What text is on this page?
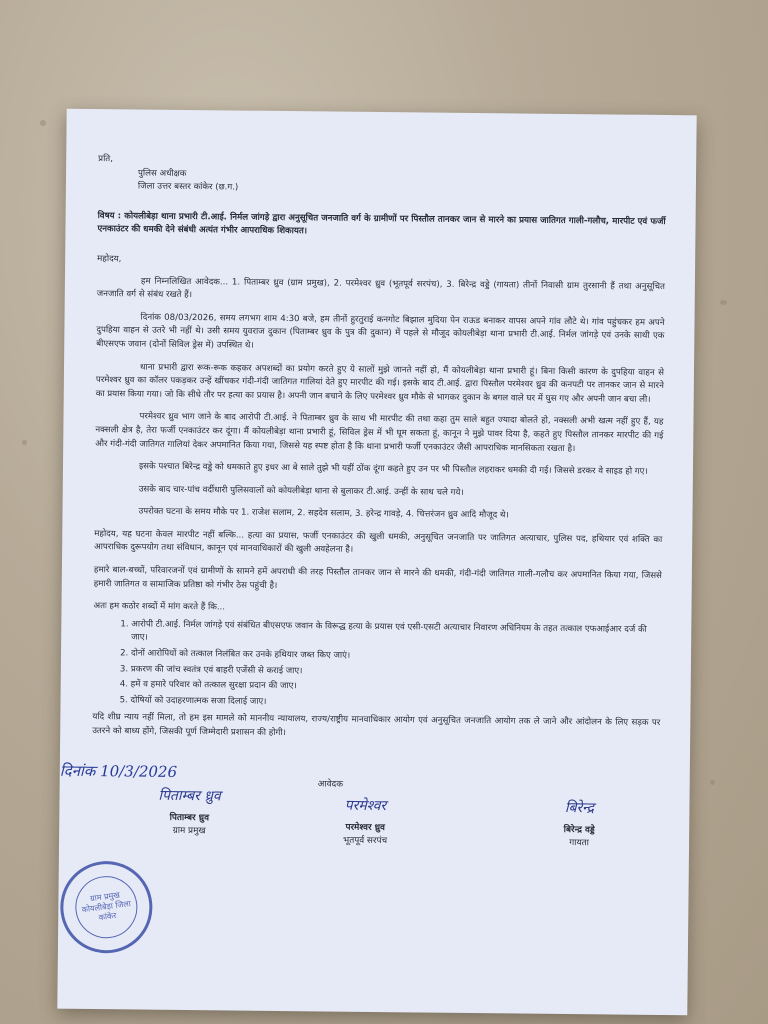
प्रति,

पुलिस अधीक्षक

जिला उत्तर बस्तर कांकेर (छ.ग.)

विषय : कोयलीबेड़ा थाना प्रभारी टी.आई. निर्मल जांगड़े द्वारा अनुसूचित जनजाति वर्ग के ग्रामीणों पर पिस्तौल तानकर जान से मारने का प्रयास जातिगत गाली-गलौच, मारपीट एवं फर्जी एनकाउंटर की धमकी देने संबंधी अत्यंत गंभीर आपराधिक शिकायत।

महोदय,

हम निम्नलिखित आवेदक... 1. पिताम्बर ध्रुव (ग्राम प्रमुख), 2. परमेश्वर ध्रुव (भूतपूर्व सरपंच), 3. बिरेन्द्र वड्डे (गायता) तीनों निवासी ग्राम तुरसानी हैं तथा अनुसूचित जनजाति वर्ग से संबंध रखते हैं।

दिनांक 08/03/2026, समय लगभग शाम 4:30 बजे, हम तीनों हुरतुराई कनगोट बिझाल मुदिया पेन राऊड बनाकर वापस अपने गांव लौटे थे। गांव पहुंचकर हम अपने दुपहिया वाहन से उतरे भी नहीं थे। उसी समय युवराज दुकान (पिताम्बर ध्रुव के पुत्र की दुकान) में पहले से मौजूद कोयलीबेड़ा थाना प्रभारी टी.आई. निर्मल जांगड़े एवं उनके साथी एक बीएसएफ जवान (दोनों सिविल ड्रेस में) उपस्थित थे।

थाना प्रभारी द्वारा रूक-रूक कहकर अपशब्दों का प्रयोग करते हुए ये सालों मुझे जानते नहीं हो, मैं कोयलीबेड़ा थाना प्रभारी हूं। बिना किसी कारण के दुपहिया वाहन से परमेश्वर ध्रुव का कॉलर पकड़कर उन्हें खींचकर गंदी-गंदी जातिगत गालियां देते हुए मारपीट की गई। इसके बाद टी.आई. द्वारा पिस्तौल परमेश्वर ध्रुव की कनपटी पर तानकर जान से मारने का प्रयास किया गया। जो कि सीधे तौर पर हत्या का प्रयास है। अपनी जान बचाने के लिए परमेश्वर ध्रुव मौके से भागकर दुकान के बगल वाले घर में घुस गए और अपनी जान बचा ली।

परमेश्वर ध्रुव भाग जाने के बाद आरोपी टी.आई. ने पिताम्बर ध्रुव के साथ भी मारपीट की तथा कहा तुम साले बहुत ज्यादा बोलते हो, नक्सली अभी खत्म नहीं हुए हैं, यह नक्सली क्षेत्र है, तेरा फर्जी एनकाउंटर कर दूंगा। मैं कोयलीबेड़ा थाना प्रभारी हूं, सिविल ड्रेस में भी घूम सकता हूं, कानून ने मुझे पावर दिया है, कहते हुए पिस्तौल तानकर मारपीट की गई और गंदी-गंदी जातिगत गालियां देकर अपमानित किया गया, जिससे यह स्पष्ट होता है कि थाना प्रभारी फर्जी एनकाउंटर जैसी आपराधिक मानसिकता रखता है।

इसके पश्चात बिरेन्द्र वड्डे को धमकाते हुए इधर आ बे साले तुझे भी यहीं ठोंक दूंगा कहते हुए उन पर भी पिस्तौल लहराकर धमकी दी गई। जिससे डरकर वे साइड हो गए।

उसके बाद चार-पांच वर्दीधारी पुलिसवालों को कोयलीबेड़ा थाना से बुलाकर टी.आई. उन्हीं के साथ चले गये।

उपरोक्त घटना के समय मौके पर 1. राजेश सलाम, 2. सहदेव सलाम, 3. हरेन्द्र गावड़े, 4. चित्तरंजन ध्रुव आदि मौजूद थे।

महोदय, यह घटना केवल मारपीट नहीं बल्कि... हत्या का प्रयास, फर्जी एनकाउंटर की खुली धमकी, अनुसूचित जनजाति पर जातिगत अत्याचार, पुलिस पद, हथियार एवं शक्ति का आपराधिक दुरूपयोग तथा संविधान, कानून एवं मानवाधिकारों की खुली अवहेलना है।

हमारे बाल-बच्चों, परिवारजनों एवं ग्रामीणों के सामने हमें अपराधी की तरह पिस्तौल तानकर जान से मारने की धमकी, गंदी-गंदी जातिगत गाली-गलौच कर अपमानित किया गया, जिससे हमारी जातिगत व सामाजिक प्रतिष्ठा को गंभीर ठेस पहुंची है।

अतः हम कठोर शब्दों में मांग करते हैं कि...

1. आरोपी टी.आई. निर्मल जांगड़े एवं संबंधित बीएसएफ जवान के विरूद्ध हत्या के प्रयास एवं एसी-एसटी अत्याचार निवारण अधिनियम के तहत तत्काल एफआईआर दर्ज की जाए।
2. दोनों आरोपियों को तत्काल निलंबित कर उनके हथियार जब्त किए जाएं।
3. प्रकरण की जांच स्वतंत्र एवं बाहरी एजेंसी से कराई जाए।
4. हमें व हमारे परिवार को तत्काल सुरक्षा प्रदान की जाए।
5. दोषियों को उदाहरणात्मक सजा दिलाई जाए।

यदि शीघ्र न्याय नहीं मिला, तो हम इस मामले को माननीय न्यायालय, राज्य/राष्ट्रीय मानवाधिकार आयोग एवं अनुसूचित जनजाति आयोग तक ले जाने और आंदोलन के लिए सड़क पर उतरने को बाध्य होंगे, जिसकी पूर्ण जिम्मेदारी प्रशासन की होगी।

दिनांक 10/3/2026
आवेदक
पिताम्बर ध्रुव
पिताम्बर ध्रुव
ग्राम प्रमुख
परमेश्वर
परमेश्वर ध्रुव
भूतपूर्व सरपंच
बिरेन्द्र
बिरेन्द्र वड्डे
गायता
ग्राम प्रमुख कोयलीबेड़ा जिला कांकेर
